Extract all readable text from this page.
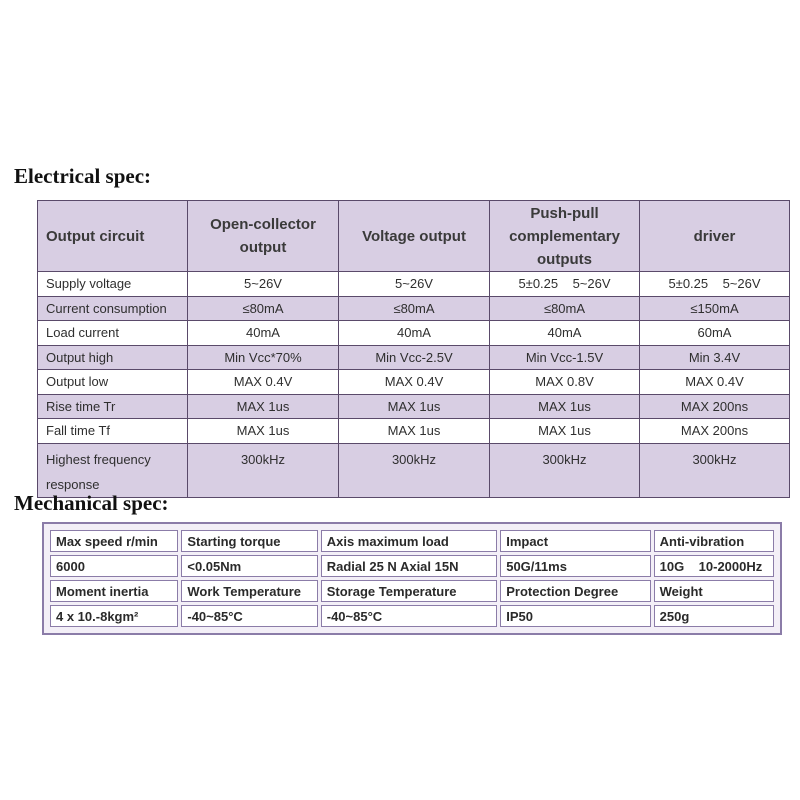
Electrical spec:
Output circuit	Open-collector output	Voltage output	Push-pull complementary outputs	driver
Supply voltage	5~26V	5~26V	5±0.25    5~26V	5±0.25    5~26V
Current consumption	≤80mA	≤80mA	≤80mA	≤150mA
Load current	40mA	40mA	40mA	60mA
Output high	Min Vcc*70%	Min Vcc-2.5V	Min Vcc-1.5V	Min 3.4V
Output low	MAX 0.4V	MAX 0.4V	MAX 0.8V	MAX 0.4V
Rise time Tr	MAX 1us	MAX 1us	MAX 1us	MAX 200ns
Fall time Tf	MAX 1us	MAX 1us	MAX 1us	MAX 200ns
Highest frequency response	300kHz	300kHz	300kHz	300kHz
Mechanical spec:
Max speed r/min	Starting torque	Axis maximum load	Impact	Anti-vibration
6000	<0.05Nm	Radial 25 N Axial 15N	50G/11ms	10G    10-2000Hz
Moment inertia	Work Temperature	Storage Temperature	Protection Degree	Weight
4 x 10.-8kgm²	-40~85°C	-40~85°C	IP50	250g
